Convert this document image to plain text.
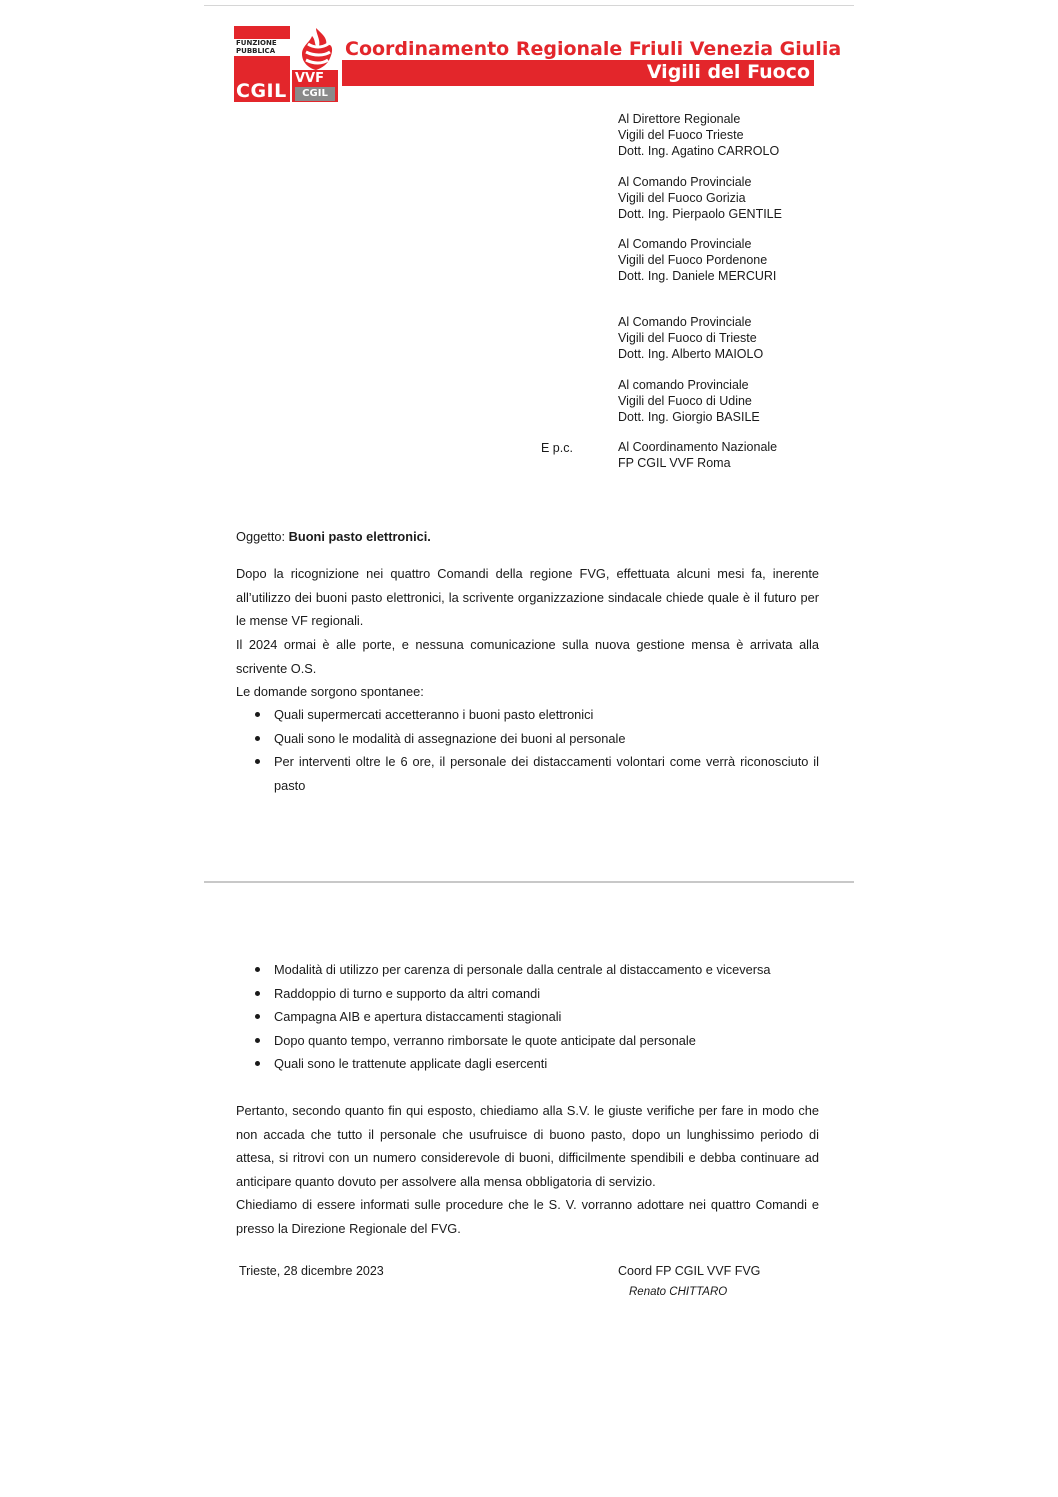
FUNZIONE PUBBLICA
CGIL
VVF
CGIL
Coordinamento Regionale Friuli Venezia Giulia
Vigili del Fuoco
Al Direttore Regionale
Vigili del Fuoco Trieste
Dott. Ing. Agatino CARROLO
Al Comando Provinciale
Vigili del Fuoco Gorizia
Dott. Ing. Pierpaolo GENTILE
Al Comando Provinciale
Vigili del Fuoco Pordenone
Dott. Ing. Daniele MERCURI
Al Comando Provinciale
Vigili del Fuoco di Trieste
Dott. Ing. Alberto MAIOLO
Al comando Provinciale
Vigili del Fuoco di Udine
Dott. Ing. Giorgio BASILE
Al Coordinamento Nazionale
FP CGIL VVF Roma
E p.c.
Oggetto: Buoni pasto elettronici.
Dopo la ricognizione nei quattro Comandi della regione FVG, effettuata alcuni mesi fa, inerente all’utilizzo dei buoni pasto elettronici, la scrivente organizzazione sindacale chiede quale è il futuro per le mense VF regionali.
Il 2024 ormai è alle porte, e nessuna comunicazione sulla nuova gestione mensa è arrivata alla scrivente O.S.
Le domande sorgono spontanee:
Quali supermercati accetteranno i buoni pasto elettronici
Quali sono le modalità di assegnazione dei buoni al personale
Per interventi oltre le 6 ore, il personale dei distaccamenti volontari come verrà riconosciuto il pasto
Modalità di utilizzo per carenza di personale dalla centrale al distaccamento e viceversa
Raddoppio di turno e supporto da altri comandi
Campagna AIB e apertura distaccamenti stagionali
Dopo quanto tempo, verranno rimborsate le quote anticipate dal personale
Quali sono le trattenute applicate dagli esercenti
Pertanto, secondo quanto fin qui esposto, chiediamo alla S.V. le giuste verifiche per fare in modo che non accada che tutto il personale che usufruisce di buono pasto, dopo un lunghissimo periodo di attesa, si ritrovi con un numero considerevole di buoni, difficilmente spendibili e debba continuare ad anticipare quanto dovuto per assolvere alla mensa obbligatoria di servizio.
Chiediamo di essere informati sulle procedure che le S. V. vorranno adottare nei quattro Comandi e presso la Direzione Regionale del FVG.
Trieste, 28 dicembre 2023	Coord FP CGIL VVF FVG
Renato CHITTARO
